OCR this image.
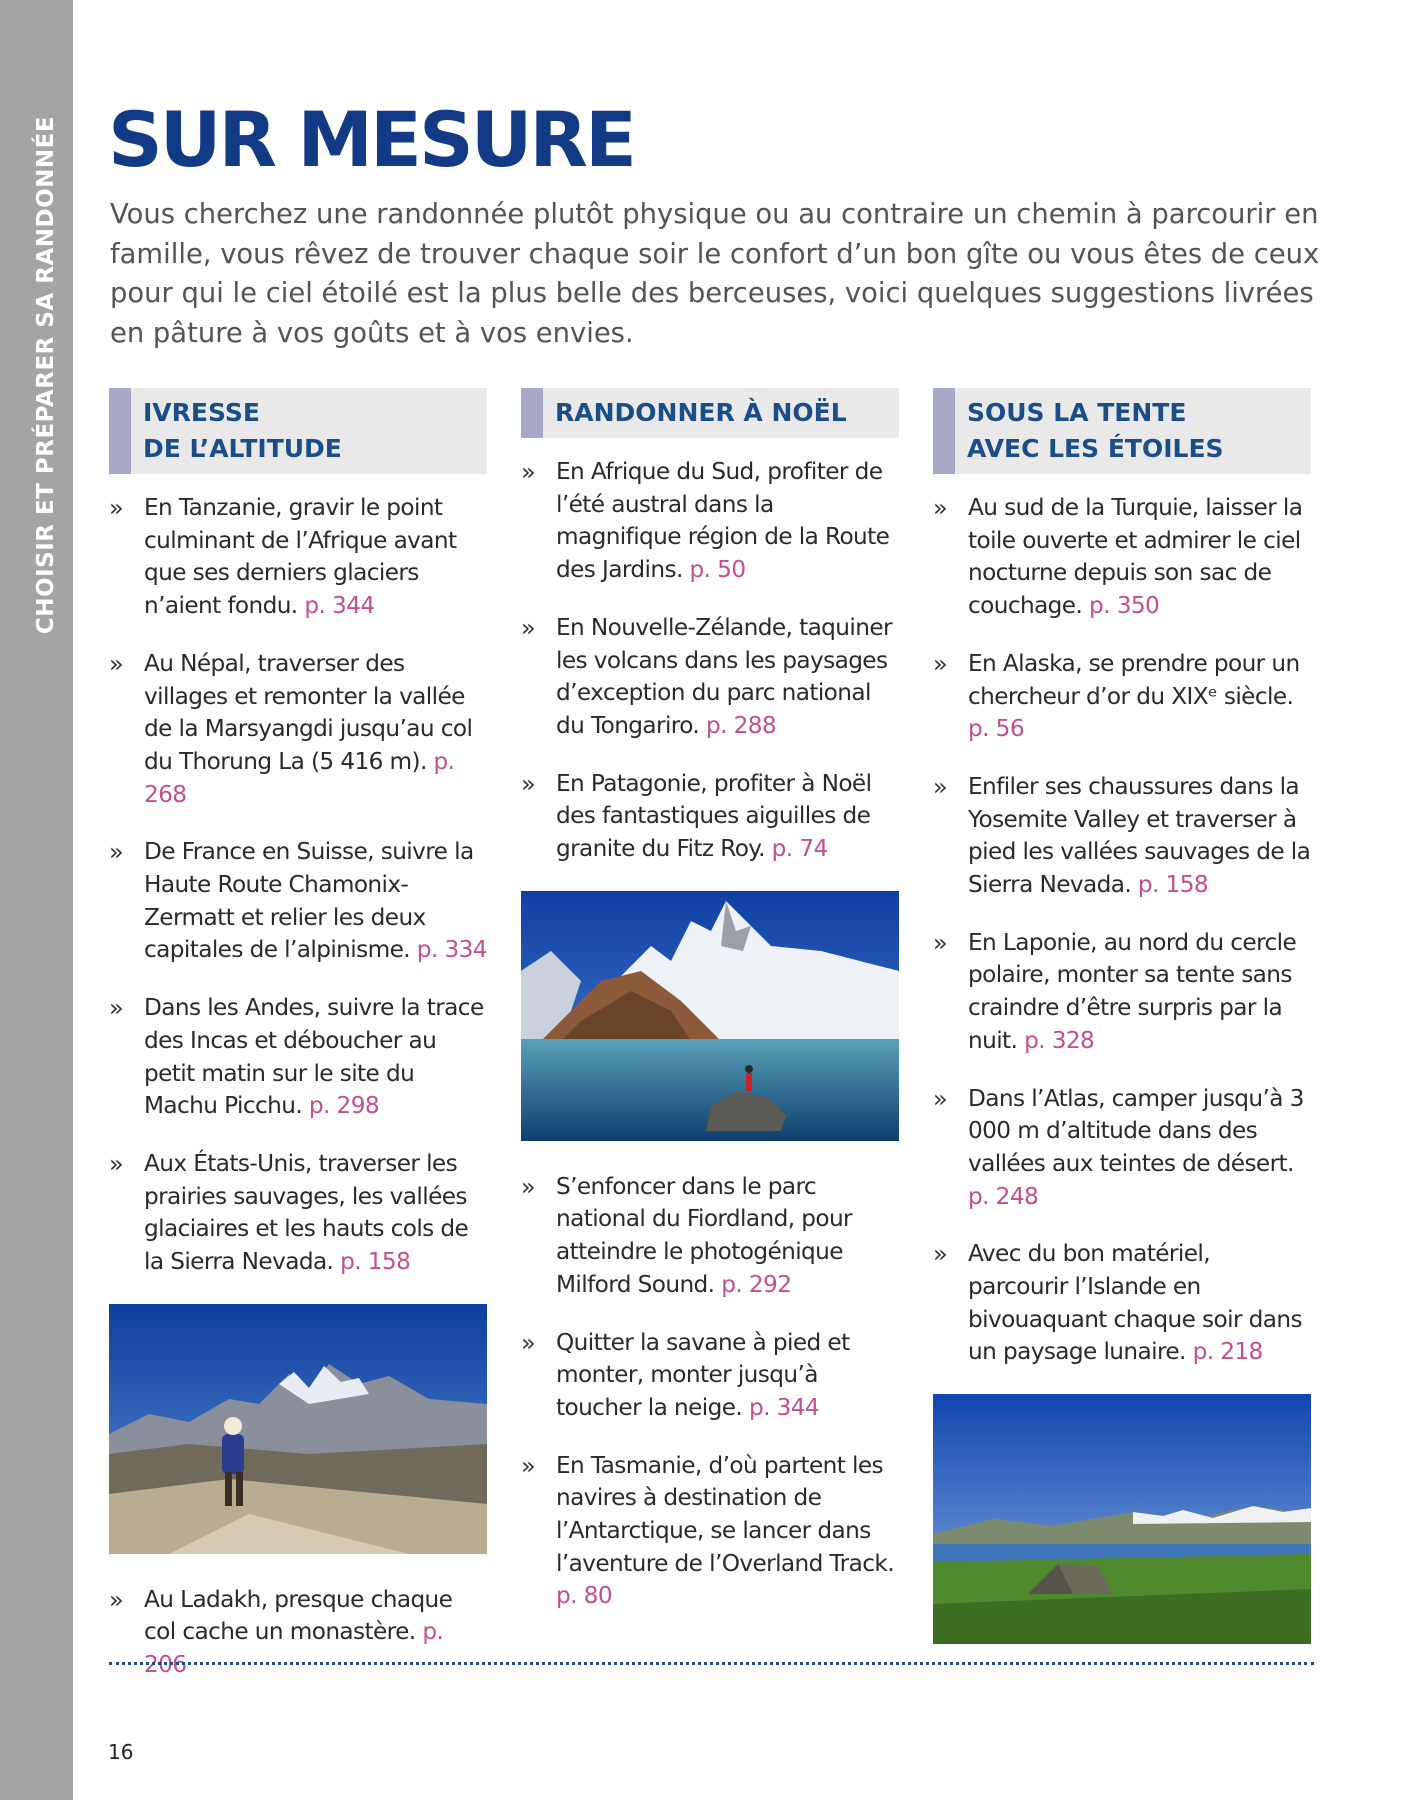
CHOISIR ET PRÉPARER SA RANDONNÉE SUR MESURE

Vous cherchez une randonnée plutôt physique ou au contraire un chemin à parcourir en famille, vous rêvez de trouver chaque soir le confort d’un bon gîte ou vous êtes de ceux pour qui le ciel étoilé est la plus belle des berceuses, voici quelques suggestions livrées en pâture à vos goûts et à vos envies.

IVRESSE
DE L’ALTITUDE
» En Tanzanie, gravir le point culminant de l’Afrique avant que ses derniers glaciers n’aient fondu. p. 344
» Au Népal, traverser des villages et remonter la vallée de la Marsyangdi jusqu’au col du Thorung La (5 416 m). p. 268
» De France en Suisse, suivre la Haute Route Chamonix-Zermatt et relier les deux capitales de l’alpinisme. p. 334
» Dans les Andes, suivre la trace des Incas et déboucher au petit matin sur le site du Machu Picchu. p. 298
» Aux États-Unis, traverser les prairies sauvages, les vallées glaciaires et les hauts cols de la Sierra Nevada. p. 158
» Au Ladakh, presque chaque col cache un monastère. p. 206
RANDONNER À NOËL
» En Afrique du Sud, profiter de l’été austral dans la magnifique région de la Route des Jardins. p. 50
» En Nouvelle-Zélande, taquiner les volcans dans les paysages d’exception du parc national du Tongariro. p. 288
» En Patagonie, profiter à Noël des fantastiques aiguilles de granite du Fitz Roy. p. 74
» S’enfoncer dans le parc national du Fiordland, pour atteindre le photogénique Milford Sound. p. 292
» Quitter la savane à pied et monter, monter jusqu’à toucher la neige. p. 344
» En Tasmanie, d’où partent les navires à destination de l’Antarctique, se lancer dans l’aventure de l’Overland Track. p. 80
SOUS LA TENTE
AVEC LES ÉTOILES
» Au sud de la Turquie, laisser la toile ouverte et admirer le ciel nocturne depuis son sac de couchage. p. 350
» En Alaska, se prendre pour un chercheur d’or du XIXᵉ siècle. p. 56
» Enfiler ses chaussures dans la Yosemite Valley et traverser à pied les vallées sauvages de la Sierra Nevada. p. 158
» En Laponie, au nord du cercle polaire, monter sa tente sans craindre d’être surpris par la nuit. p. 328
» Dans l’Atlas, camper jusqu’à 3 000 m d’altitude dans des vallées aux teintes de désert. p. 248
» Avec du bon matériel, parcourir l’Islande en bivouaquant chaque soir dans un paysage lunaire. p. 218
16
